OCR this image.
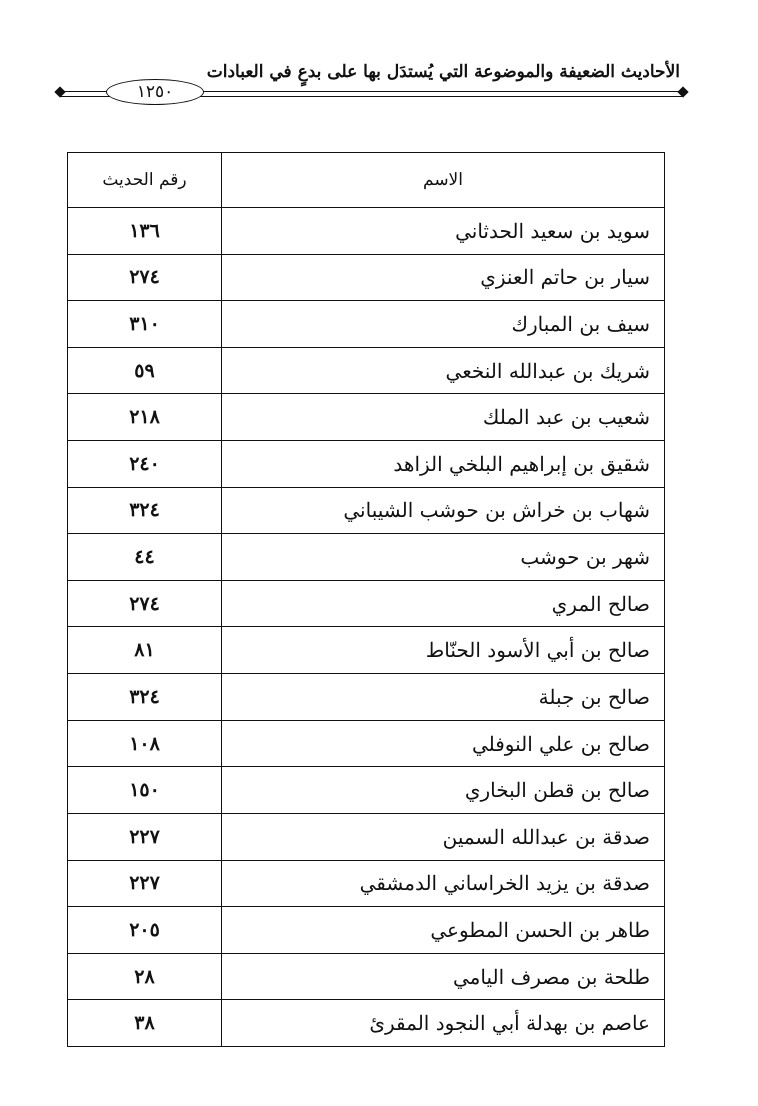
الأحاديث الضعيفة والموضوعة التي يُستدَل بها على بدعٍ في العبادات
١٢٥٠
الاسم	رقم الحديث
سويد بن سعيد الحدثاني	١٣٦
سيار بن حاتم العنزي	٢٧٤
سيف بن المبارك	٣١٠
شريك بن عبدالله النخعي	٥٩
شعيب بن عبد الملك	٢١٨
شقيق بن إبراهيم البلخي الزاهد	٢٤٠
شهاب بن خراش بن حوشب الشيباني	٣٢٤
شهر بن حوشب	٤٤
صالح المري	٢٧٤
صالح بن أبي الأسود الحنّاط	٨١
صالح بن جبلة	٣٢٤
صالح بن علي النوفلي	١٠٨
صالح بن قطن البخاري	١٥٠
صدقة بن عبدالله السمين	٢٢٧
صدقة بن يزيد الخراساني الدمشقي	٢٢٧
طاهر بن الحسن المطوعي	٢٠٥
طلحة بن مصرف اليامي	٢٨
عاصم بن بهدلة أبي النجود المقرئ	٣٨
